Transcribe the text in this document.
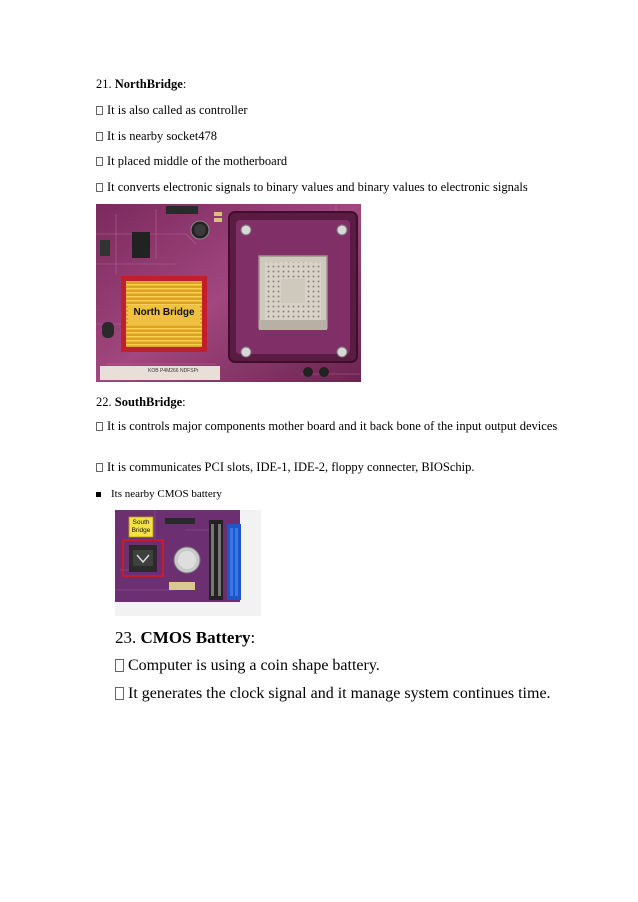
21. NorthBridge:
It is also called as controller
It is nearby socket478
It placed middle of the motherboard
It converts electronic signals to binary values and binary values to electronic signals
North Bridge
KOB P4M266 NDFSPr
22. SouthBridge:
It is controls major components mother board and it back bone of the input output devices
It is communicates PCI slots, IDE-1, IDE-2, floppy connecter, BIOSchip.
Its nearby CMOS battery
South
Bridge
23. CMOS Battery:
Computer is using a coin shape battery.
It generates the clock signal and it manage system continues time.
